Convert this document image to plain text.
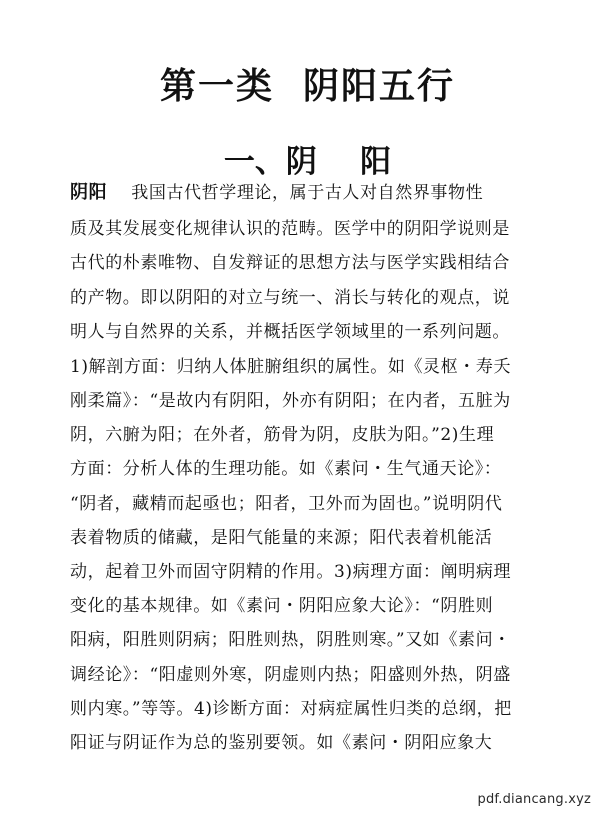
第一类  阴阳五行
一、阴    阳
阴阳 我国古代哲学理论，属于古人对自然界事物性
质及其发展变化规律认识的范畴。医学中的阴阳学说则是
古代的朴素唯物、自发辩证的思想方法与医学实践相结合
的产物。即以阴阳的对立与统一、消长与转化的观点，说
明人与自然界的关系，并概括医学领域里的一系列问题。
1)解剖方面：归纳人体脏腑组织的属性。如《灵枢・寿夭
刚柔篇》：“是故内有阴阳，外亦有阴阳；在内者，五脏为
阴，六腑为阳；在外者，筋骨为阴，皮肤为阳。”2)生理
方面：分析人体的生理功能。如《素问・生气通天论》：
“阴者，藏精而起亟也；阳者，卫外而为固也。”说明阴代
表着物质的储藏，是阳气能量的来源；阳代表着机能活
动，起着卫外而固守阴精的作用。3)病理方面：阐明病理
变化的基本规律。如《素问・阴阳应象大论》：“阴胜则
阳病，阳胜则阴病；阳胜则热，阴胜则寒。”又如《素问・
调经论》：“阳虚则外寒，阴虚则内热；阳盛则外热，阴盛
则内寒。”等等。4)诊断方面：对病症属性归类的总纲，把
阳证与阴证作为总的鉴别要领。如《素问・阴阳应象大
pdf.diancang.xyz
